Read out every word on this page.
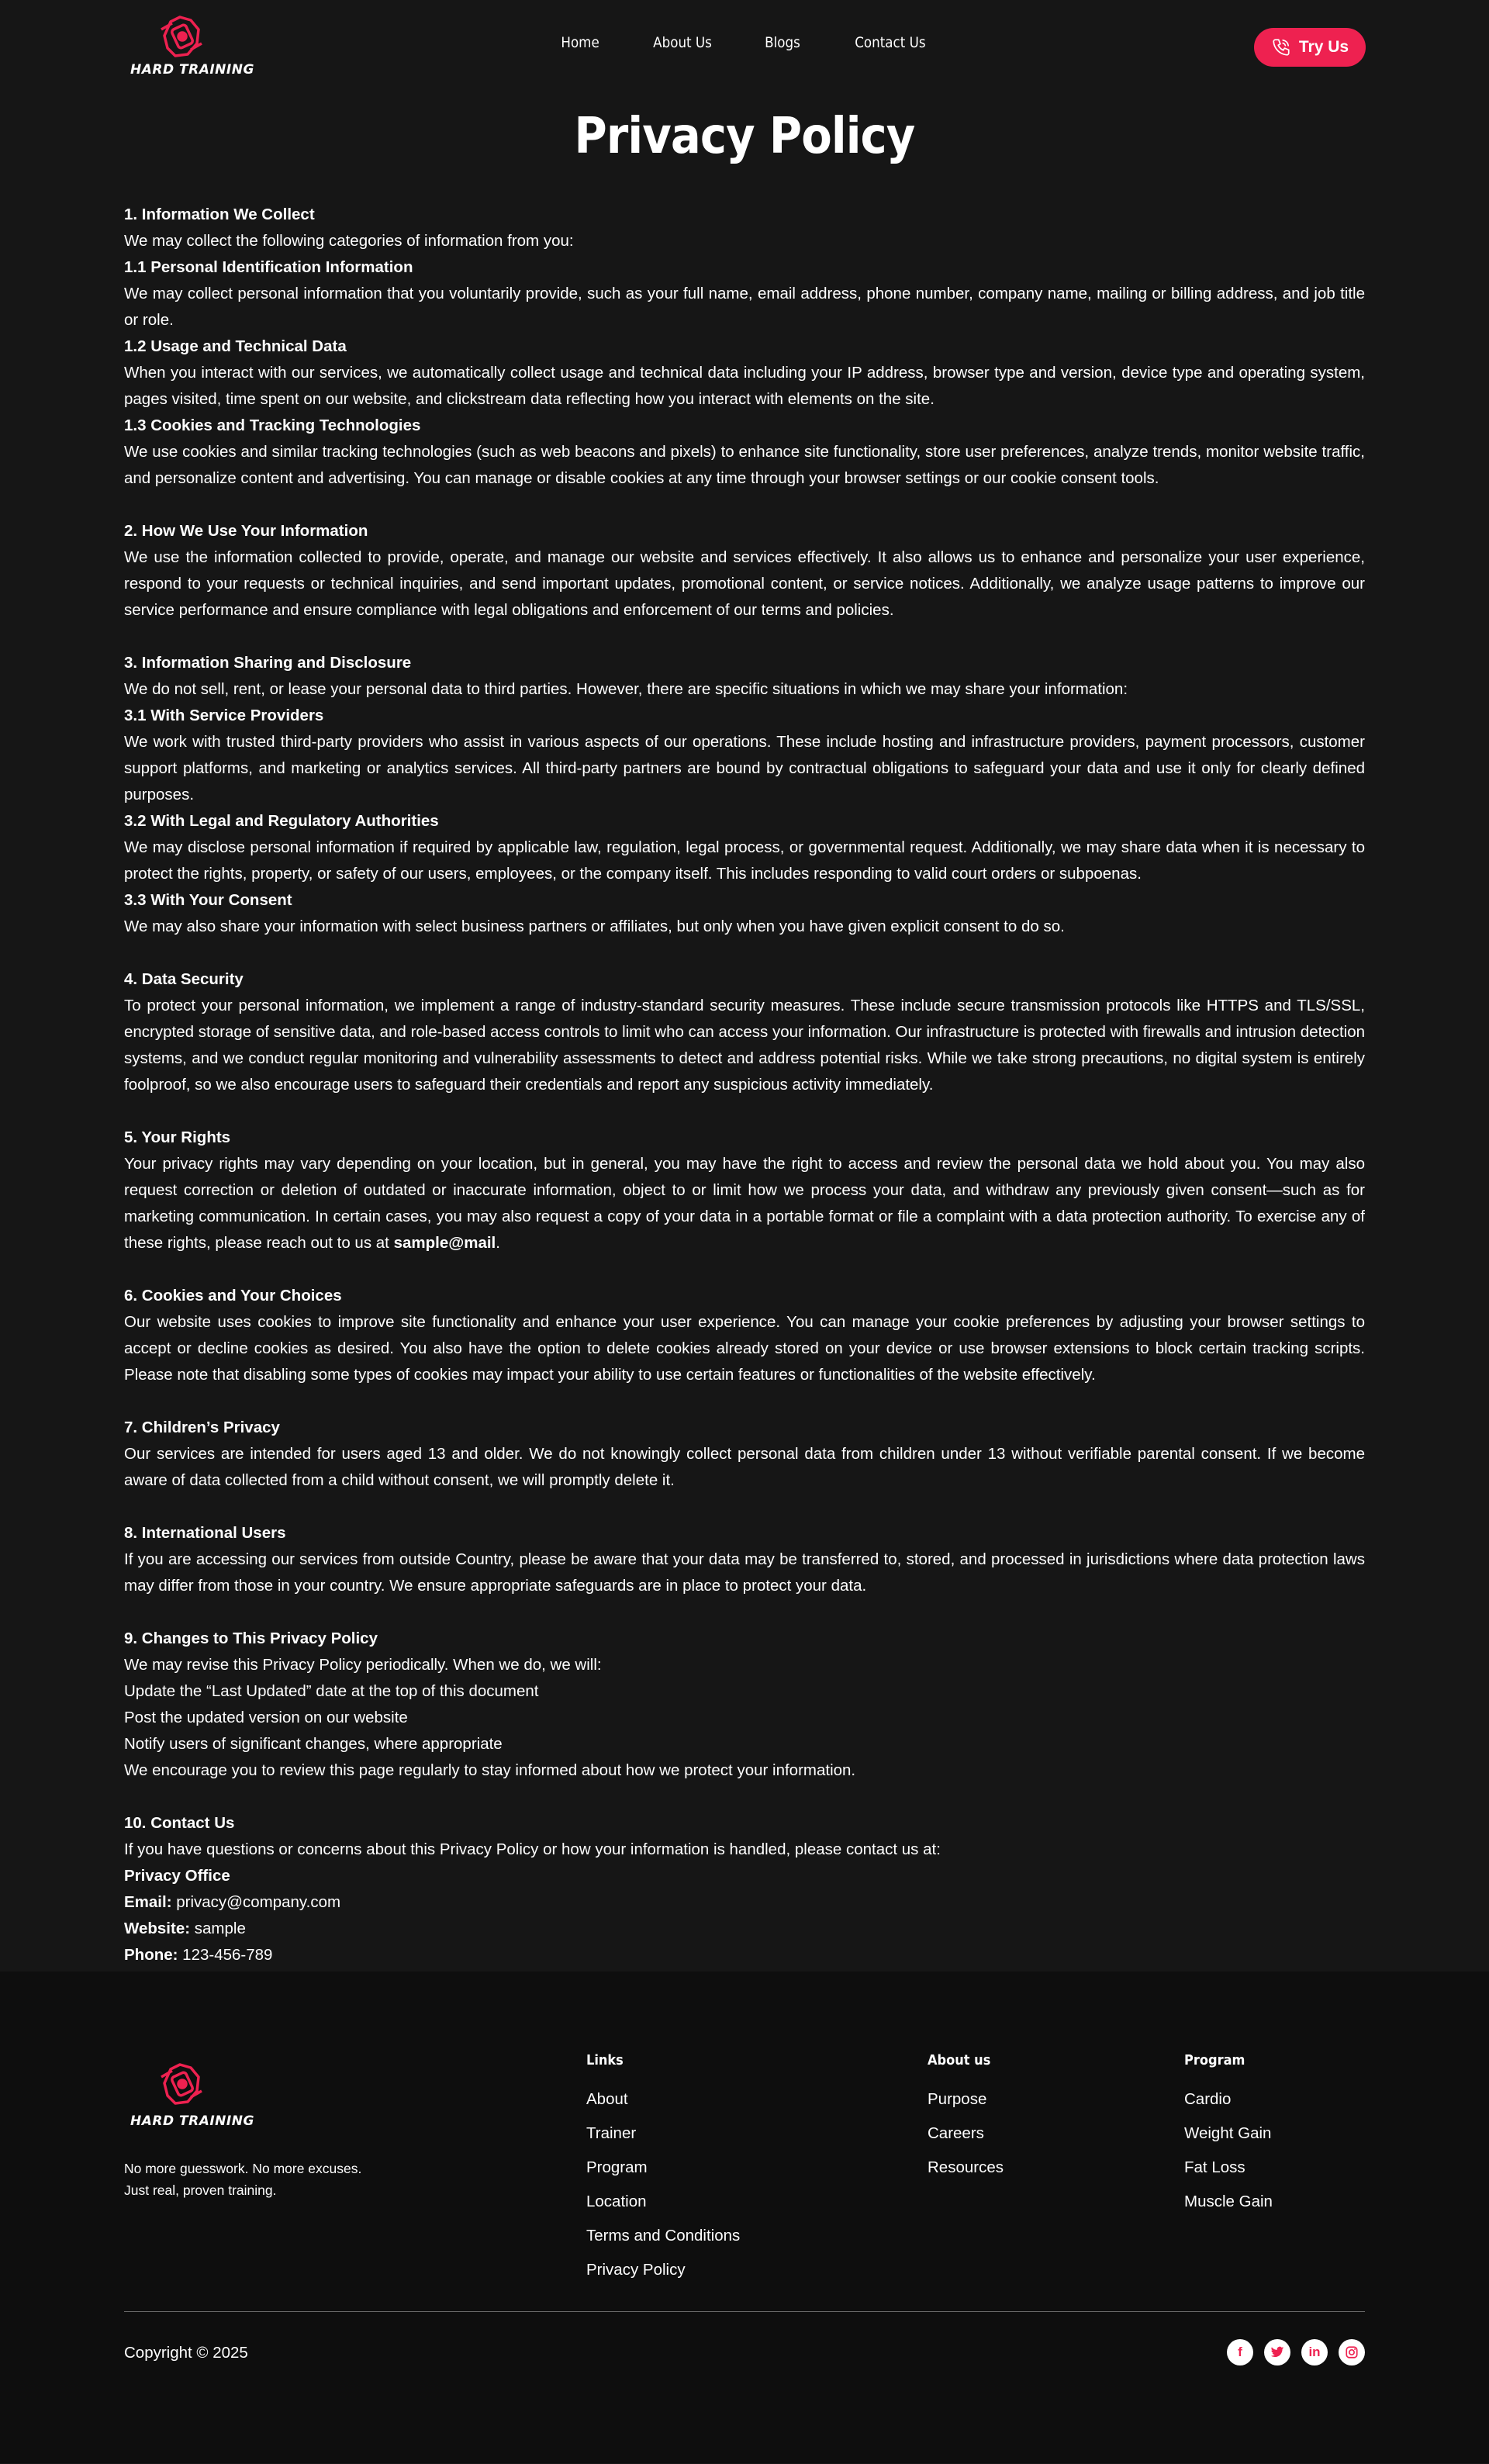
HARD TRAINING
Home	About Us	Blogs	Contact Us	Try Us
Privacy Policy

1. Information We Collect

We may collect the following categories of information from you:

1.1 Personal Identification Information

We may collect personal information that you voluntarily provide, such as your full name, email address, phone number, company name, mailing or billing address, and job title or role.

1.2 Usage and Technical Data

When you interact with our services, we automatically collect usage and technical data including your IP address, browser type and version, device type and operating system, pages visited, time spent on our website, and clickstream data reflecting how you interact with elements on the site.

1.3 Cookies and Tracking Technologies

We use cookies and similar tracking technologies (such as web beacons and pixels) to enhance site functionality, store user preferences, analyze trends, monitor website traffic, and personalize content and advertising. You can manage or disable cookies at any time through your browser settings or our cookie consent tools.

2. How We Use Your Information

We use the information collected to provide, operate, and manage our website and services effectively. It also allows us to enhance and personalize your user experience, respond to your requests or technical inquiries, and send important updates, promotional content, or service notices. Additionally, we analyze usage patterns to improve our service performance and ensure compliance with legal obligations and enforcement of our terms and policies.

3. Information Sharing and Disclosure

We do not sell, rent, or lease your personal data to third parties. However, there are specific situations in which we may share your information:

3.1 With Service Providers

We work with trusted third-party providers who assist in various aspects of our operations. These include hosting and infrastructure providers, payment processors, customer support platforms, and marketing or analytics services. All third-party partners are bound by contractual obligations to safeguard your data and use it only for clearly defined purposes.

3.2 With Legal and Regulatory Authorities

We may disclose personal information if required by applicable law, regulation, legal process, or governmental request. Additionally, we may share data when it is necessary to protect the rights, property, or safety of our users, employees, or the company itself. This includes responding to valid court orders or subpoenas.

3.3 With Your Consent

We may also share your information with select business partners or affiliates, but only when you have given explicit consent to do so.

4. Data Security

To protect your personal information, we implement a range of industry-standard security measures. These include secure transmission protocols like HTTPS and TLS/SSL, encrypted storage of sensitive data, and role-based access controls to limit who can access your information. Our infrastructure is protected with firewalls and intrusion detection systems, and we conduct regular monitoring and vulnerability assessments to detect and address potential risks. While we take strong precautions, no digital system is entirely foolproof, so we also encourage users to safeguard their credentials and report any suspicious activity immediately.

5. Your Rights

Your privacy rights may vary depending on your location, but in general, you may have the right to access and review the personal data we hold about you. You may also request correction or deletion of outdated or inaccurate information, object to or limit how we process your data, and withdraw any previously given consent—such as for marketing communication. In certain cases, you may also request a copy of your data in a portable format or file a complaint with a data protection authority. To exercise any of these rights, please reach out to us at sample@mail.

6. Cookies and Your Choices

Our website uses cookies to improve site functionality and enhance your user experience. You can manage your cookie preferences by adjusting your browser settings to accept or decline cookies as desired. You also have the option to delete cookies already stored on your device or use browser extensions to block certain tracking scripts. Please note that disabling some types of cookies may impact your ability to use certain features or functionalities of the website effectively.

7. Children’s Privacy

Our services are intended for users aged 13 and older. We do not knowingly collect personal data from children under 13 without verifiable parental consent. If we become aware of data collected from a child without consent, we will promptly delete it.

8. International Users

If you are accessing our services from outside Country, please be aware that your data may be transferred to, stored, and processed in jurisdictions where data protection laws may differ from those in your country. We ensure appropriate safeguards are in place to protect your data.

9. Changes to This Privacy Policy

We may revise this Privacy Policy periodically. When we do, we will:

Update the “Last Updated” date at the top of this document

Post the updated version on our website

Notify users of significant changes, where appropriate

We encourage you to review this page regularly to stay informed about how we protect your information.

10. Contact Us

If you have questions or concerns about this Privacy Policy or how your information is handled, please contact us at:

Privacy Office

Email: privacy@company.com

Website: sample

Phone: 123-456-789

HARD TRAINING

No more guesswork. No more excuses. Just real, proven training.

Links
About
Trainer
Program
Location
Terms and Conditions
Privacy Policy
About us
Purpose
Careers
Resources
Program
Cardio
Weight Gain
Fat Loss
Muscle Gain

Copyright © 2025	f	in
